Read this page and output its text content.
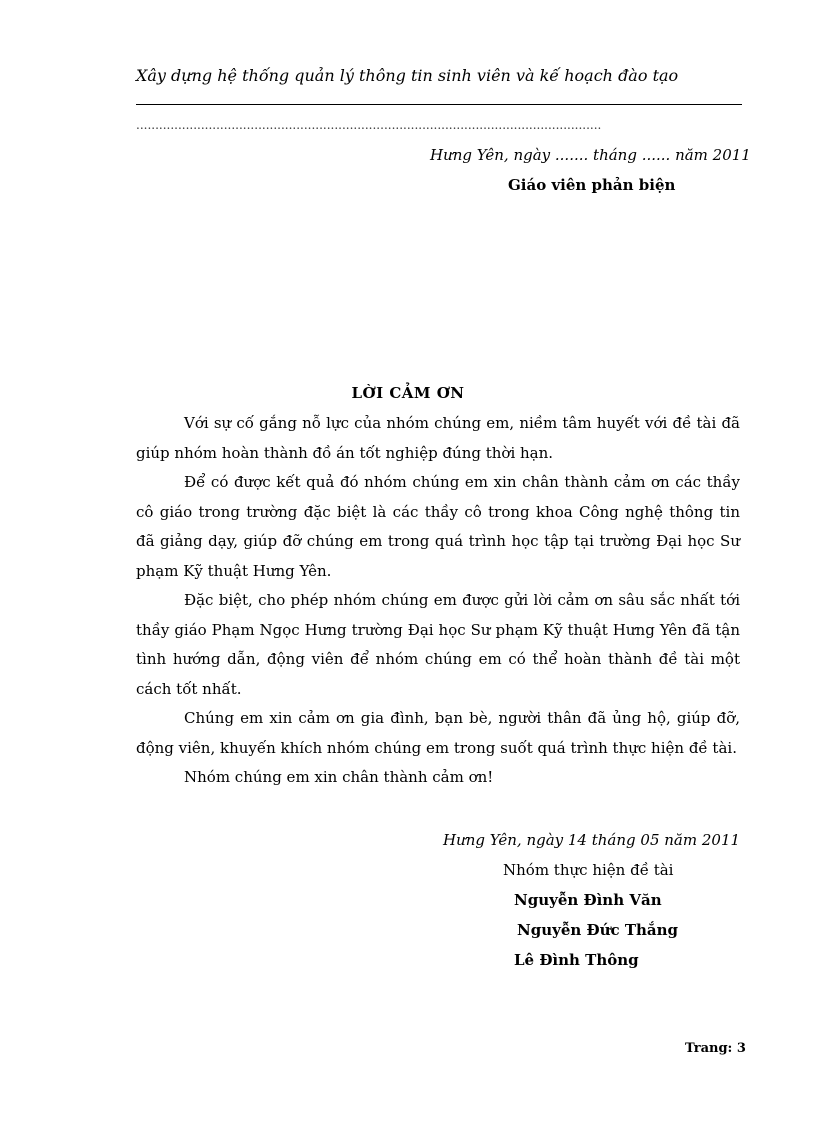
Xây dựng hệ thống quản lý thông tin sinh viên và kế hoạch đào tạo
..........................................................................................................................
Hưng Yên, ngày ....... tháng ...... năm 2011
Giáo viên phản biện
LỜI CẢM ƠN

Với sự cố gắng nỗ lực của nhóm chúng em, niềm tâm huyết với đề tài đã giúp nhóm hoàn thành đồ án tốt nghiệp đúng thời hạn.

Để có được kết quả đó nhóm chúng em xin chân thành cảm ơn các thầy cô giáo trong trường đặc biệt là các thầy cô trong khoa Công nghệ thông tin đã giảng dạy, giúp đỡ chúng em trong quá trình học tập tại trường Đại học Sư phạm Kỹ thuật Hưng Yên.

Đặc biệt, cho phép nhóm chúng em được gửi lời cảm ơn sâu sắc nhất tới thầy giáo Phạm Ngọc Hưng trường Đại học Sư phạm Kỹ thuật Hưng Yên đã tận tình hướng dẫn, động viên để nhóm chúng em có thể hoàn thành đề tài một cách tốt nhất.

Chúng em xin cảm ơn gia đình, bạn bè, người thân đã ủng hộ, giúp đỡ, động viên, khuyến khích nhóm chúng em trong suốt quá trình thực hiện đề tài.

Nhóm chúng em xin chân thành cảm ơn!

Hưng Yên, ngày 14 tháng 05 năm 2011
Nhóm thực hiện đề tài
Nguyễn Đình Văn
Nguyễn Đức Thắng
Lê Đình Thông
Trang: 3
